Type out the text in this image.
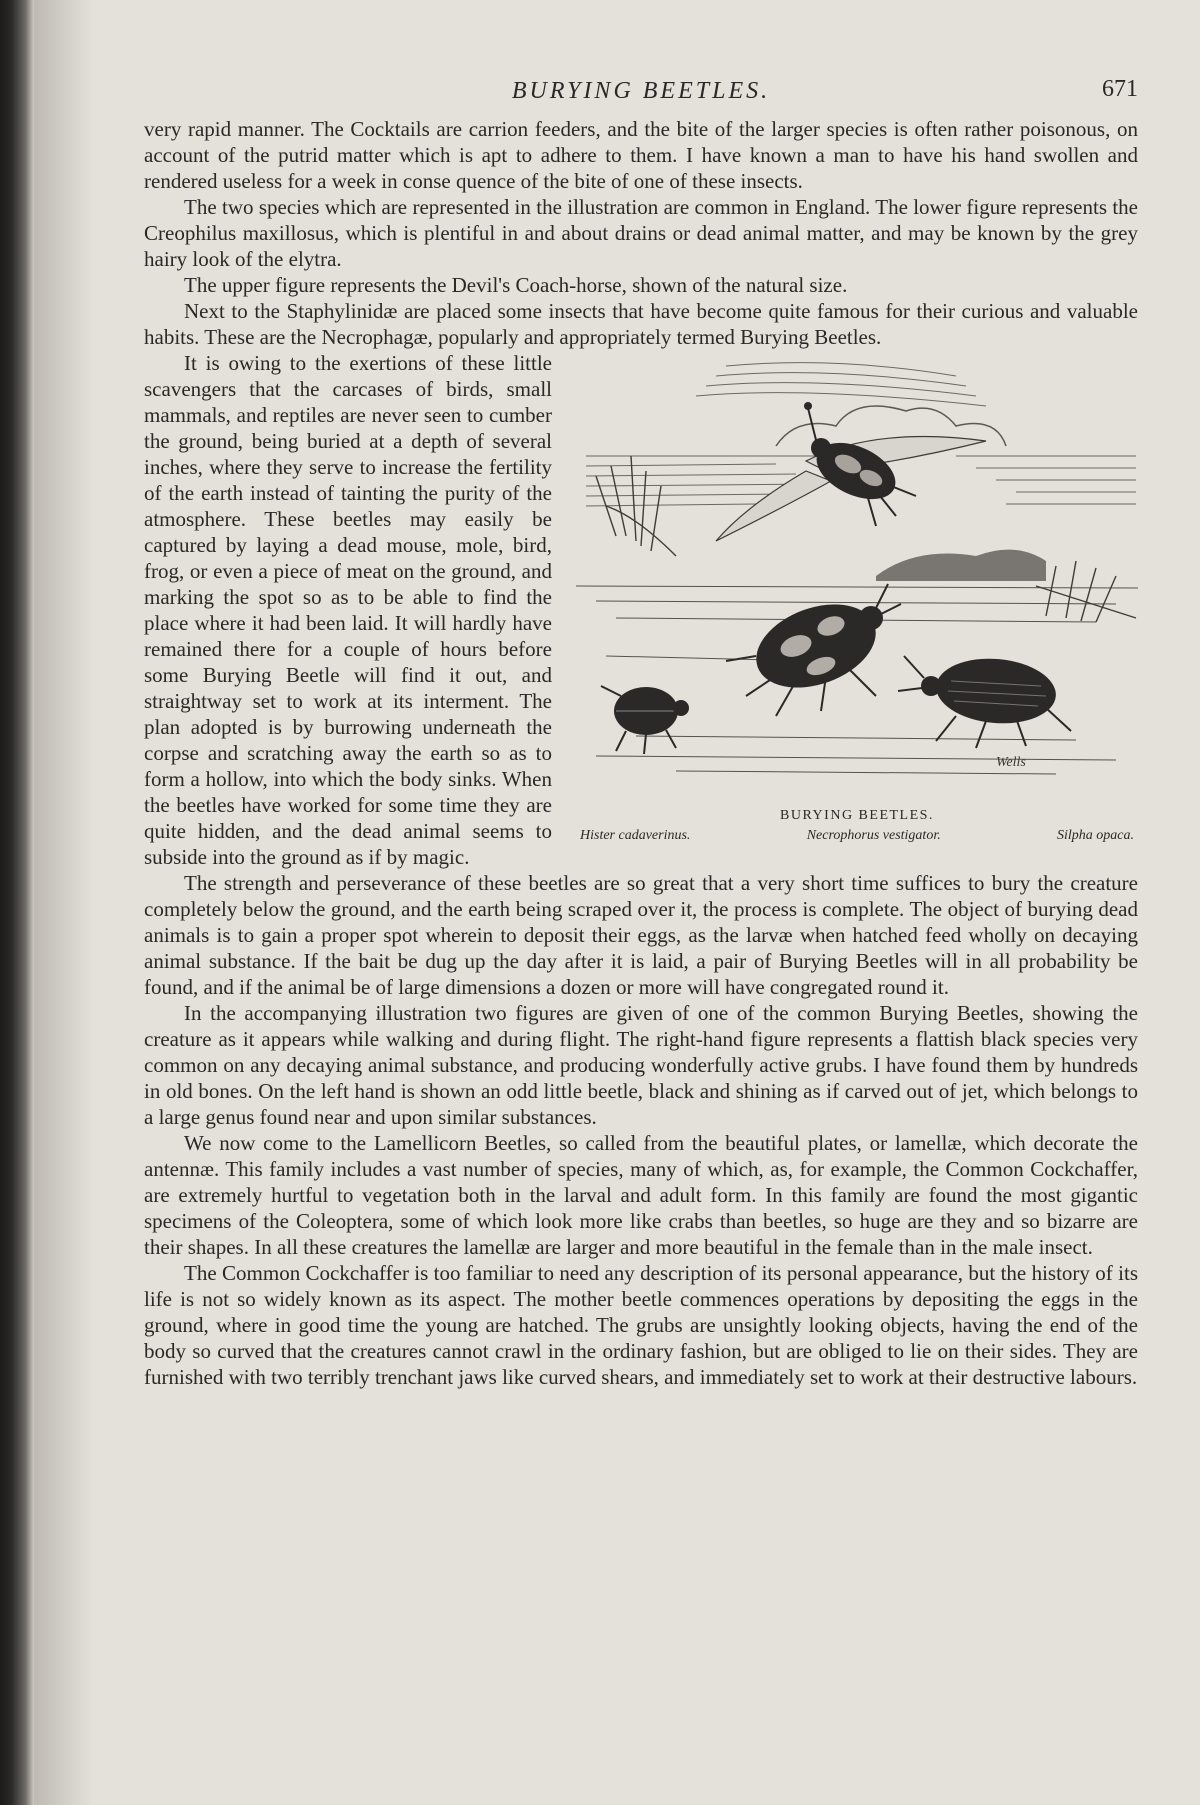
BURYING BEETLES.	671

very rapid manner. The Cocktails are carrion feeders, and the bite of the larger species is often rather poisonous, on account of the putrid matter which is apt to adhere to them. I have known a man to have his hand swollen and rendered useless for a week in conse quence of the bite of one of these insects.

The two species which are represented in the illustration are common in England. The lower figure represents the Creophilus maxillosus, which is plentiful in and about drains or dead animal matter, and may be known by the grey hairy look of the elytra.

The upper figure represents the Devil's Coach-horse, shown of the natural size.

Next to the Staphylinidæ are placed some insects that have become quite famous for their curious and valuable habits. These are the Necrophagæ, popularly and appropriately termed Burying Beetles.

Wells
BURYING BEETLES.
Hister cadaverinus.	Necrophorus vestigator.	Silpha opaca.

It is owing to the exertions of these little scavengers that the carcases of birds, small mammals, and reptiles are never seen to cumber the ground, being buried at a depth of several inches, where they serve to increase the fertility of the earth instead of tainting the purity of the atmosphere. These beetles may easily be captured by laying a dead mouse, mole, bird, frog, or even a piece of meat on the ground, and marking the spot so as to be able to find the place where it had been laid. It will hardly have remained there for a couple of hours before some Burying Beetle will find it out, and straightway set to work at its interment. The plan adopted is by burrowing underneath the corpse and scratching away the earth so as to form a hollow, into which the body sinks. When the beetles have worked for some time they are quite hidden, and the dead animal seems to subside into the ground as if by magic.

The strength and perseverance of these beetles are so great that a very short time suffices to bury the creature completely below the ground, and the earth being scraped over it, the process is complete. The object of burying dead animals is to gain a proper spot wherein to deposit their eggs, as the larvæ when hatched feed wholly on decaying animal substance. If the bait be dug up the day after it is laid, a pair of Burying Beetles will in all probability be found, and if the animal be of large dimensions a dozen or more will have congregated round it.

In the accompanying illustration two figures are given of one of the common Burying Beetles, showing the creature as it appears while walking and during flight. The right-hand figure represents a flattish black species very common on any decaying animal substance, and producing wonderfully active grubs. I have found them by hundreds in old bones. On the left hand is shown an odd little beetle, black and shining as if carved out of jet, which belongs to a large genus found near and upon similar substances.

We now come to the Lamellicorn Beetles, so called from the beautiful plates, or lamellæ, which decorate the antennæ. This family includes a vast number of species, many of which, as, for example, the Common Cockchaffer, are extremely hurtful to vegetation both in the larval and adult form. In this family are found the most gigantic specimens of the Coleoptera, some of which look more like crabs than beetles, so huge are they and so bizarre are their shapes. In all these creatures the lamellæ are larger and more beautiful in the female than in the male insect.

The Common Cockchaffer is too familiar to need any description of its personal appearance, but the history of its life is not so widely known as its aspect. The mother beetle commences operations by depositing the eggs in the ground, where in good time the young are hatched. The grubs are unsightly looking objects, having the end of the body so curved that the creatures cannot crawl in the ordinary fashion, but are obliged to lie on their sides. They are furnished with two terribly trenchant jaws like curved shears, and immediately set to work at their destructive labours.
